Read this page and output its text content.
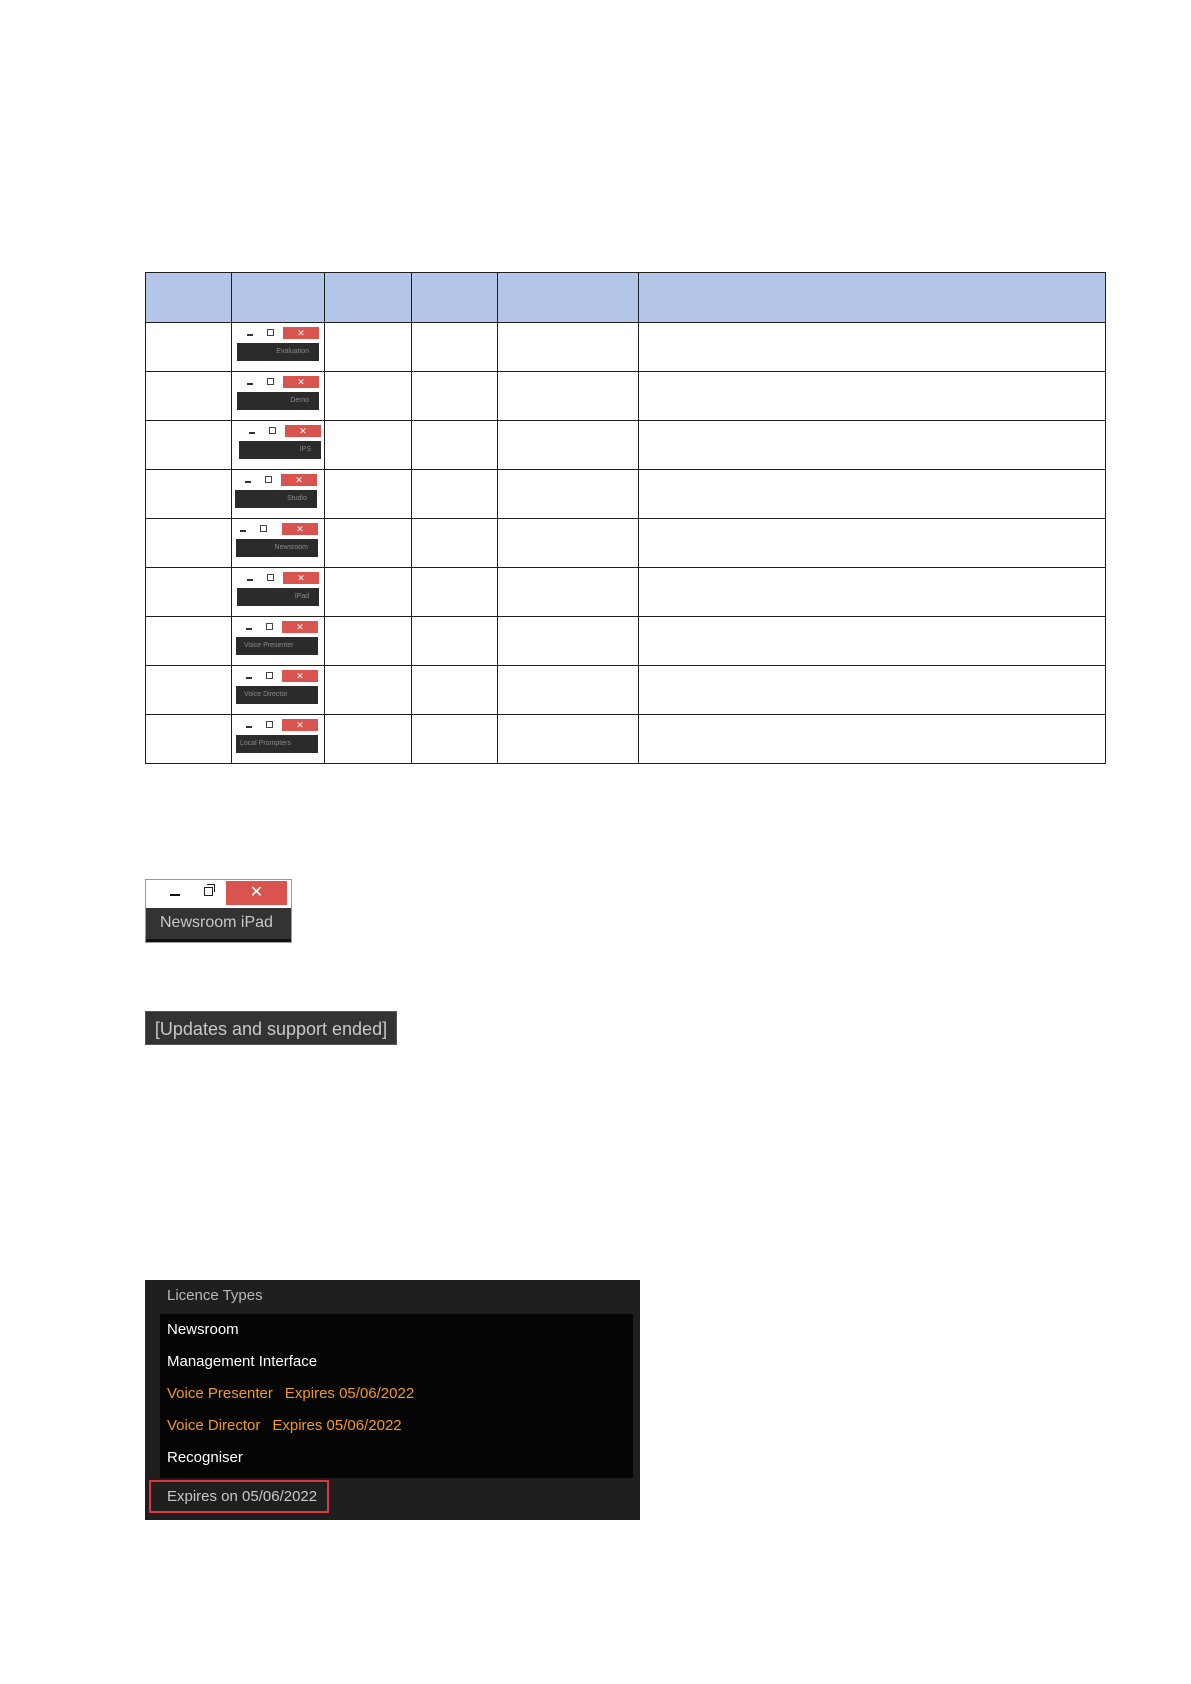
	✕
Evaluation				

	✕
Demo				

	✕
IPS				

	✕
Studio				

	✕
Newsroom				

	✕
iPad				

	✕
Voice Presenter				

	✕
Voice Director				

	✕
Local Prompters				

✕
Newsroom iPad
[Updates and support ended]
Licence Types
Newsroom
Management Interface
Voice Presenter Expires 05/06/2022
Voice Director Expires 05/06/2022
Recogniser
Expires on 05/06/2022
